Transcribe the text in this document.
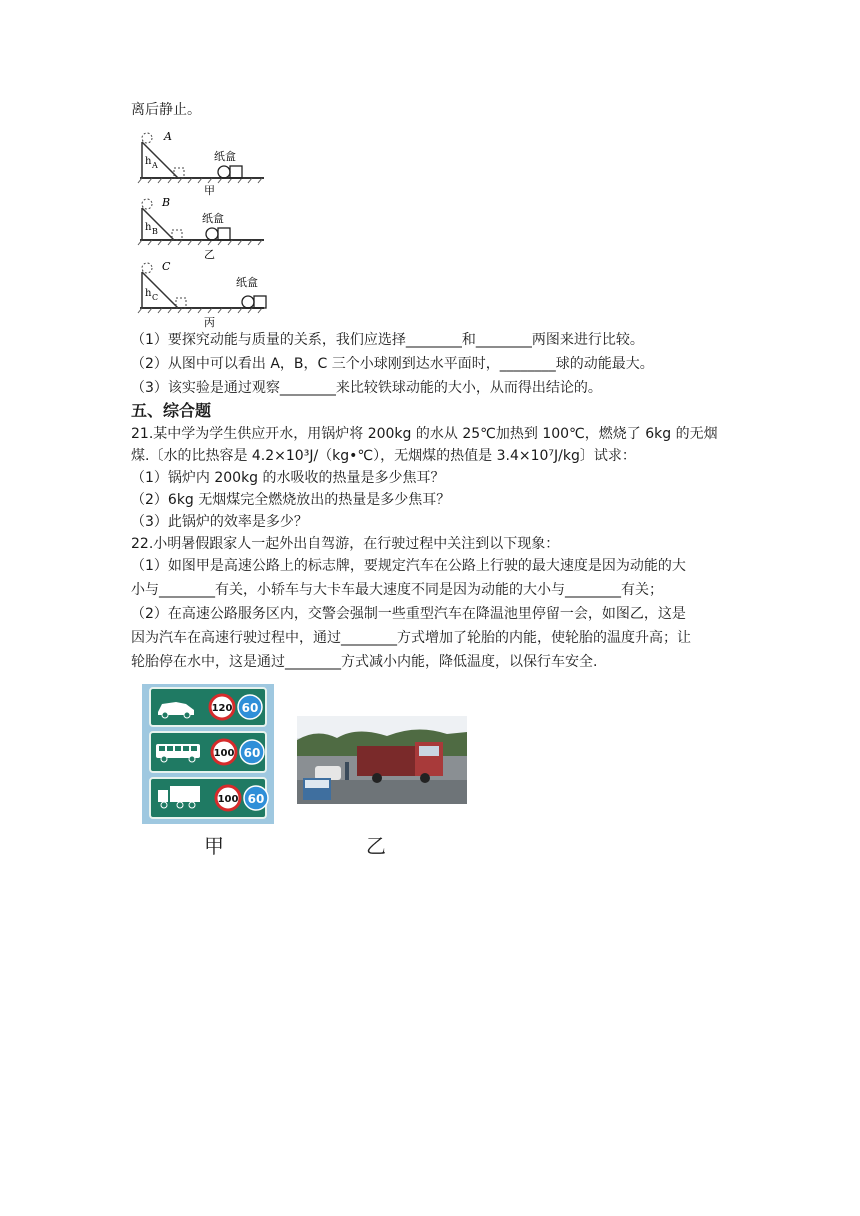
离后静止。
A
h A
纸盒
甲
B
h B
纸盒
乙
C
h C
纸盒
丙
（1）要探究动能与质量的关系，我们应选择________和________两图来进行比较。
（2）从图中可以看出 A，B，C 三个小球刚到达水平面时，________球的动能最大。
（3）该实验是通过观察________来比较铁球动能的大小，从而得出结论的。
五、综合题
21.某中学为学生供应开水，用锅炉将 200kg 的水从 25℃加热到 100℃，燃烧了 6kg 的无烟
煤.〔水的比热容是 4.2×10³J/（kg•℃），无烟煤的热值是 3.4×10⁷J/kg〕试求：
（1）锅炉内 200kg 的水吸收的热量是多少焦耳？
（2）6kg 无烟煤完全燃烧放出的热量是多少焦耳？
（3）此锅炉的效率是多少？
22.小明暑假跟家人一起外出自驾游，在行驶过程中关注到以下现象：
（1）如图甲是高速公路上的标志牌，要规定汽车在公路上行驶的最大速度是因为动能的大
小与________有关，小轿车与大卡车最大速度不同是因为动能的大小与________有关；
（2）在高速公路服务区内，交警会强制一些重型汽车在降温池里停留一会，如图乙，这是
因为汽车在高速行驶过程中，通过________方式增加了轮胎的内能，使轮胎的温度升高；让
轮胎停在水中，这是通过________方式减小内能，降低温度，以保行车安全.
120 60
100 60
100 60
甲	乙
